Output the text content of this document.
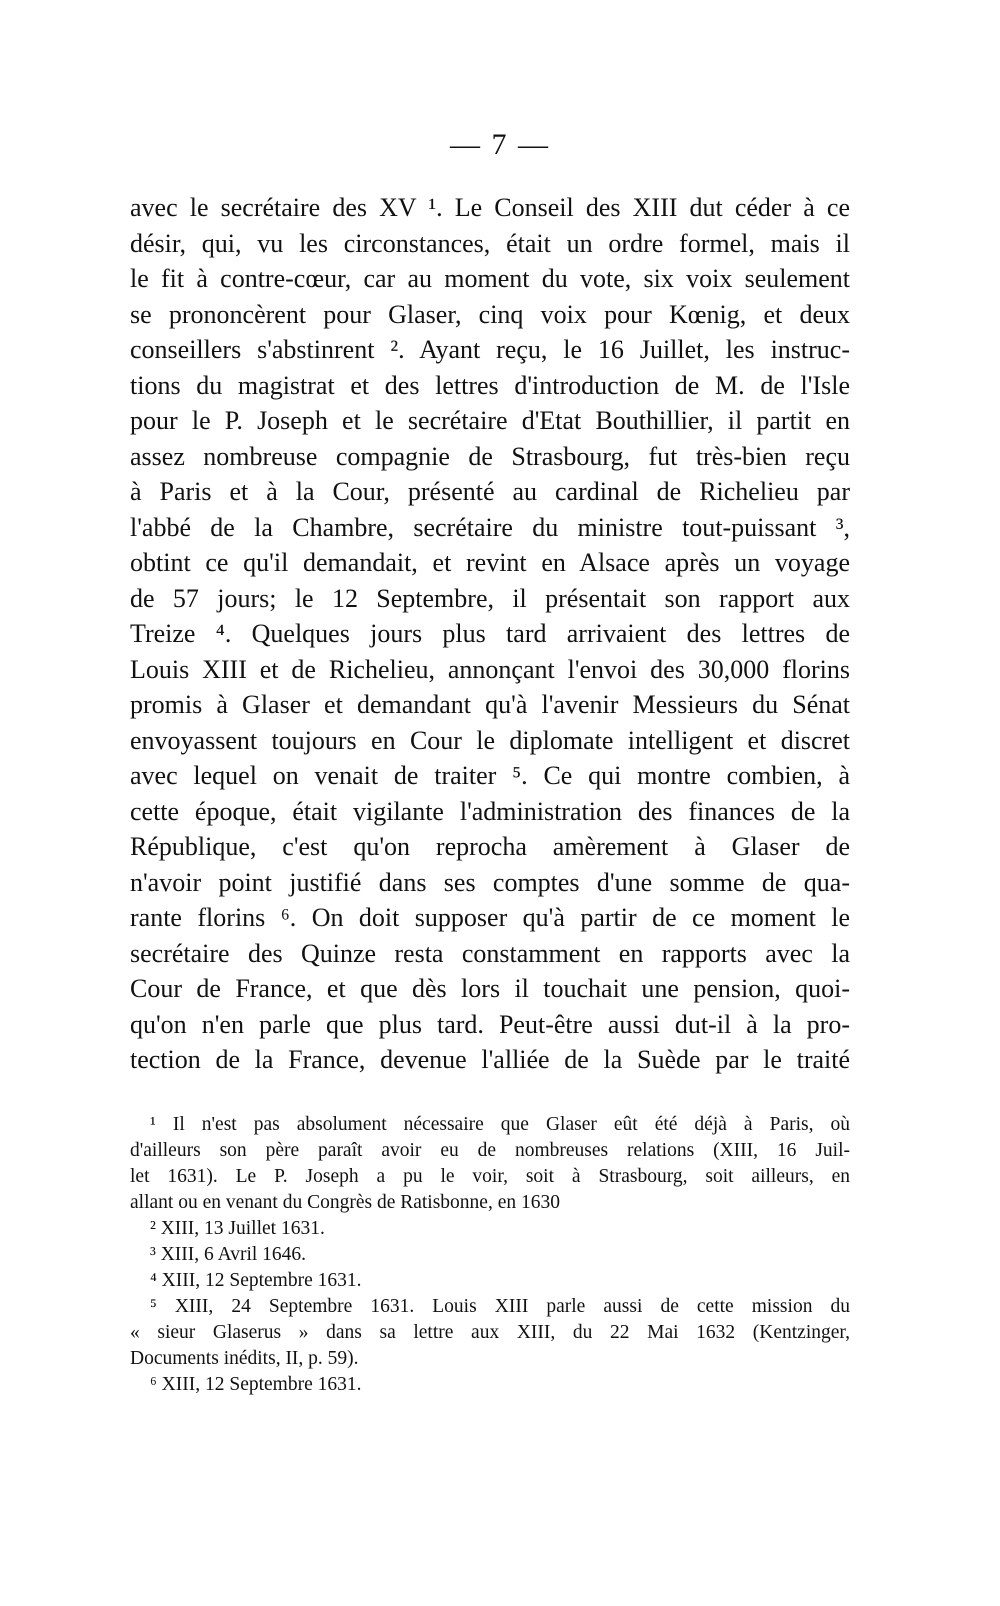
— 7 —
avec le secrétaire des XV ¹. Le Conseil des XIII dut céder à ce
désir, qui, vu les circonstances, était un ordre formel, mais il
le fit à contre-cœur, car au moment du vote, six voix seulement
se prononcèrent pour Glaser, cinq voix pour Kœnig, et deux
conseillers s'abstinrent ². Ayant reçu, le 16 Juillet, les instruc-
tions du magistrat et des lettres d'introduction de M. de l'Isle
pour le P. Joseph et le secrétaire d'Etat Bouthillier, il partit en
assez nombreuse compagnie de Strasbourg, fut très-bien reçu
à Paris et à la Cour, présenté au cardinal de Richelieu par
l'abbé de la Chambre, secrétaire du ministre tout-puissant ³,
obtint ce qu'il demandait, et revint en Alsace après un voyage
de 57 jours; le 12 Septembre, il présentait son rapport aux
Treize ⁴. Quelques jours plus tard arrivaient des lettres de
Louis XIII et de Richelieu, annonçant l'envoi des 30,000 florins
promis à Glaser et demandant qu'à l'avenir Messieurs du Sénat
envoyassent toujours en Cour le diplomate intelligent et discret
avec lequel on venait de traiter ⁵. Ce qui montre combien, à
cette époque, était vigilante l'administration des finances de la
République, c'est qu'on reprocha amèrement à Glaser de
n'avoir point justifié dans ses comptes d'une somme de qua-
rante florins ⁶. On doit supposer qu'à partir de ce moment le
secrétaire des Quinze resta constamment en rapports avec la
Cour de France, et que dès lors il touchait une pension, quoi-
qu'on n'en parle que plus tard. Peut-être aussi dut-il à la pro-
tection de la France, devenue l'alliée de la Suède par le traité
¹ Il n'est pas absolument nécessaire que Glaser eût été déjà à Paris, où
d'ailleurs son père paraît avoir eu de nombreuses relations (XIII, 16 Juil-
let 1631). Le P. Joseph a pu le voir, soit à Strasbourg, soit ailleurs, en
allant ou en venant du Congrès de Ratisbonne, en 1630
² XIII, 13 Juillet 1631.
³ XIII, 6 Avril 1646.
⁴ XIII, 12 Septembre 1631.
⁵ XIII, 24 Septembre 1631. Louis XIII parle aussi de cette mission du
« sieur Glaserus » dans sa lettre aux XIII, du 22 Mai 1632 (Kentzinger,
Documents inédits, II, p. 59).
⁶ XIII, 12 Septembre 1631.
